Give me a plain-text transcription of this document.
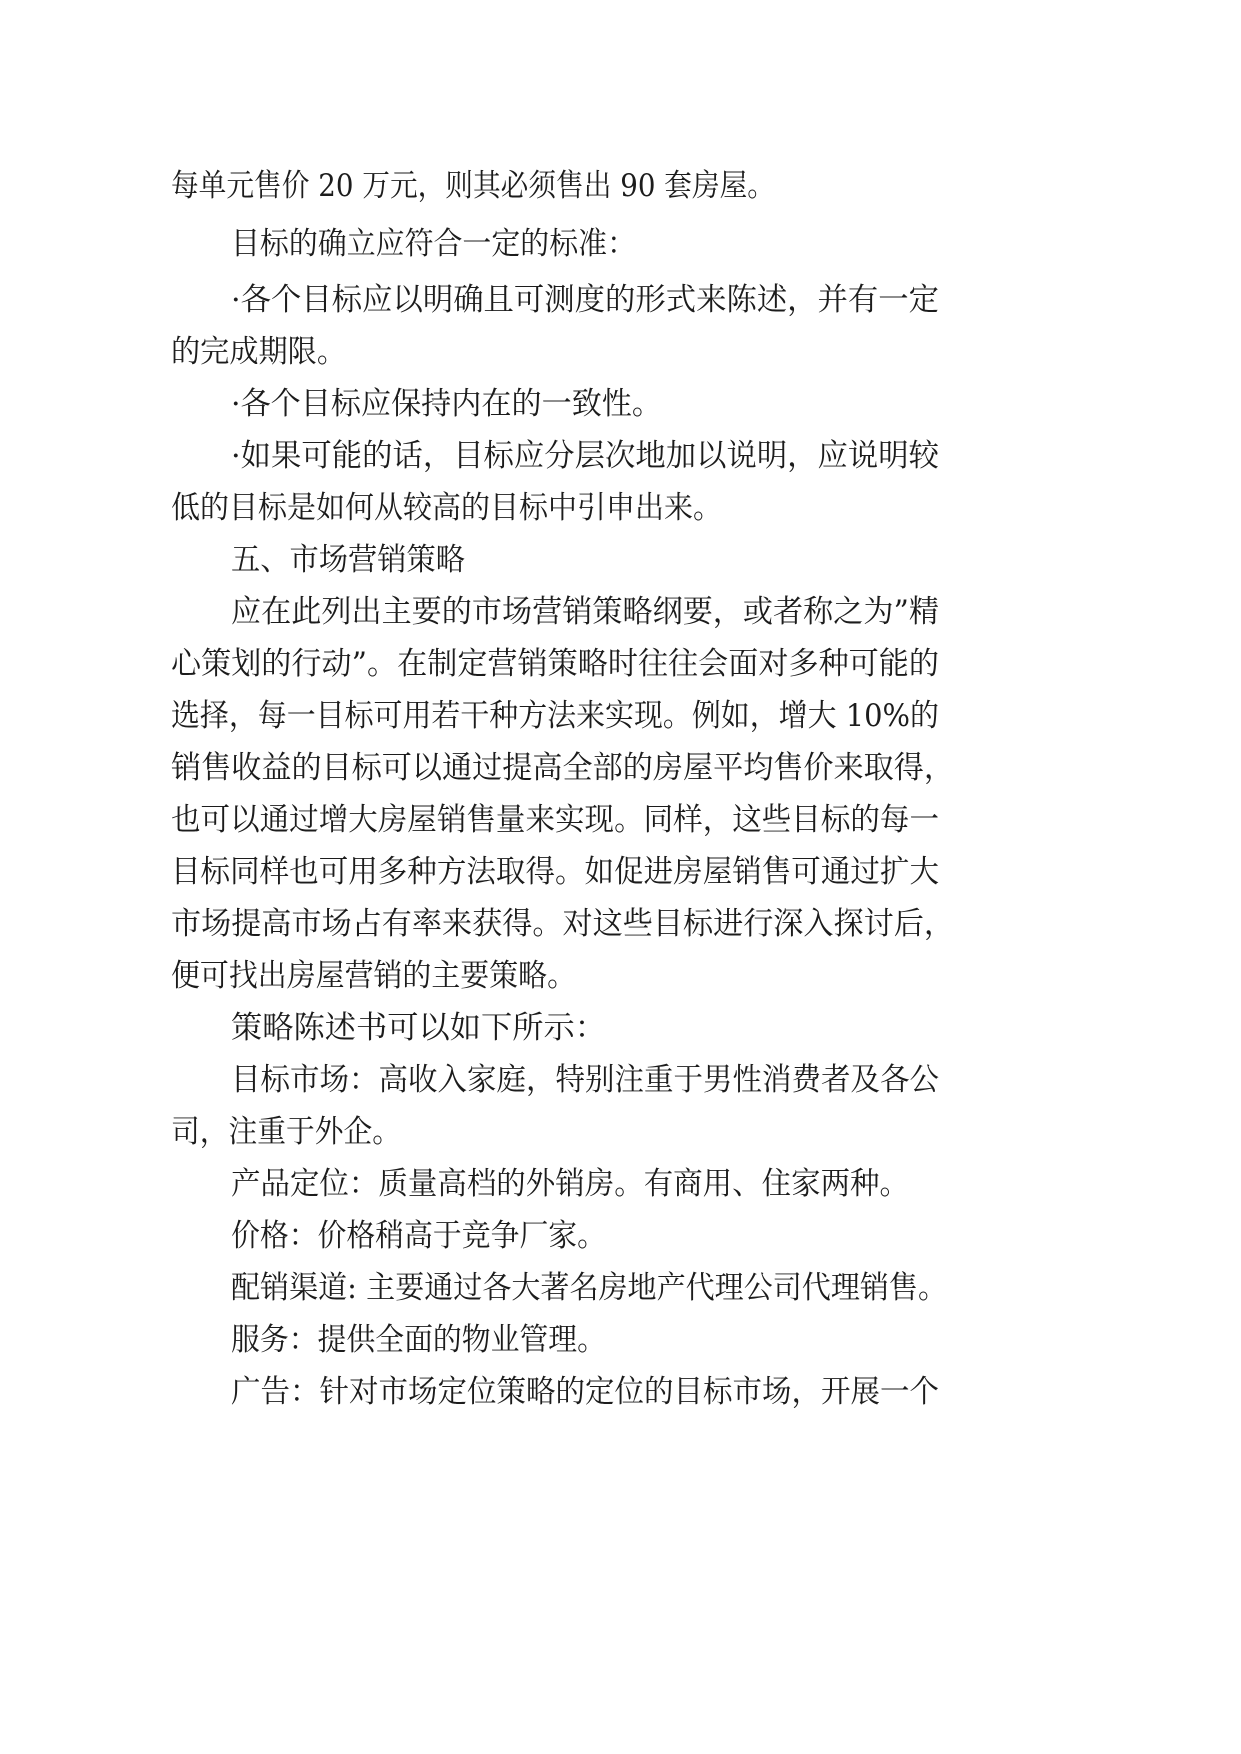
每单元售价 20 万元，则其必须售出 90 套房屋。
目标的确立应符合一定的标准：
·各个目标应以明确且可测度的形式来陈述，并有一定
的完成期限。
·各个目标应保持内在的一致性。
·如果可能的话，目标应分层次地加以说明，应说明较
低的目标是如何从较高的目标中引申出来。
五、市场营销策略
应在此列出主要的市场营销策略纲要，或者称之为”精
心策划的行动”。在制定营销策略时往往会面对多种可能的
选择，每一目标可用若干种方法来实现。例如，增大 10%的
销售收益的目标可以通过提高全部的房屋平均售价来取得，
也可以通过增大房屋销售量来实现。同样，这些目标的每一
目标同样也可用多种方法取得。如促进房屋销售可通过扩大
市场提高市场占有率来获得。对这些目标进行深入探讨后，
便可找出房屋营销的主要策略。
策略陈述书可以如下所示：
目标市场：高收入家庭，特别注重于男性消费者及各公
司，注重于外企。
产品定位：质量高档的外销房。有商用、住家两种。
价格：价格稍高于竞争厂家。
配销渠道: 主要通过各大著名房地产代理公司代理销售。
服务：提供全面的物业管理。
广告：针对市场定位策略的定位的目标市场，开展一个
